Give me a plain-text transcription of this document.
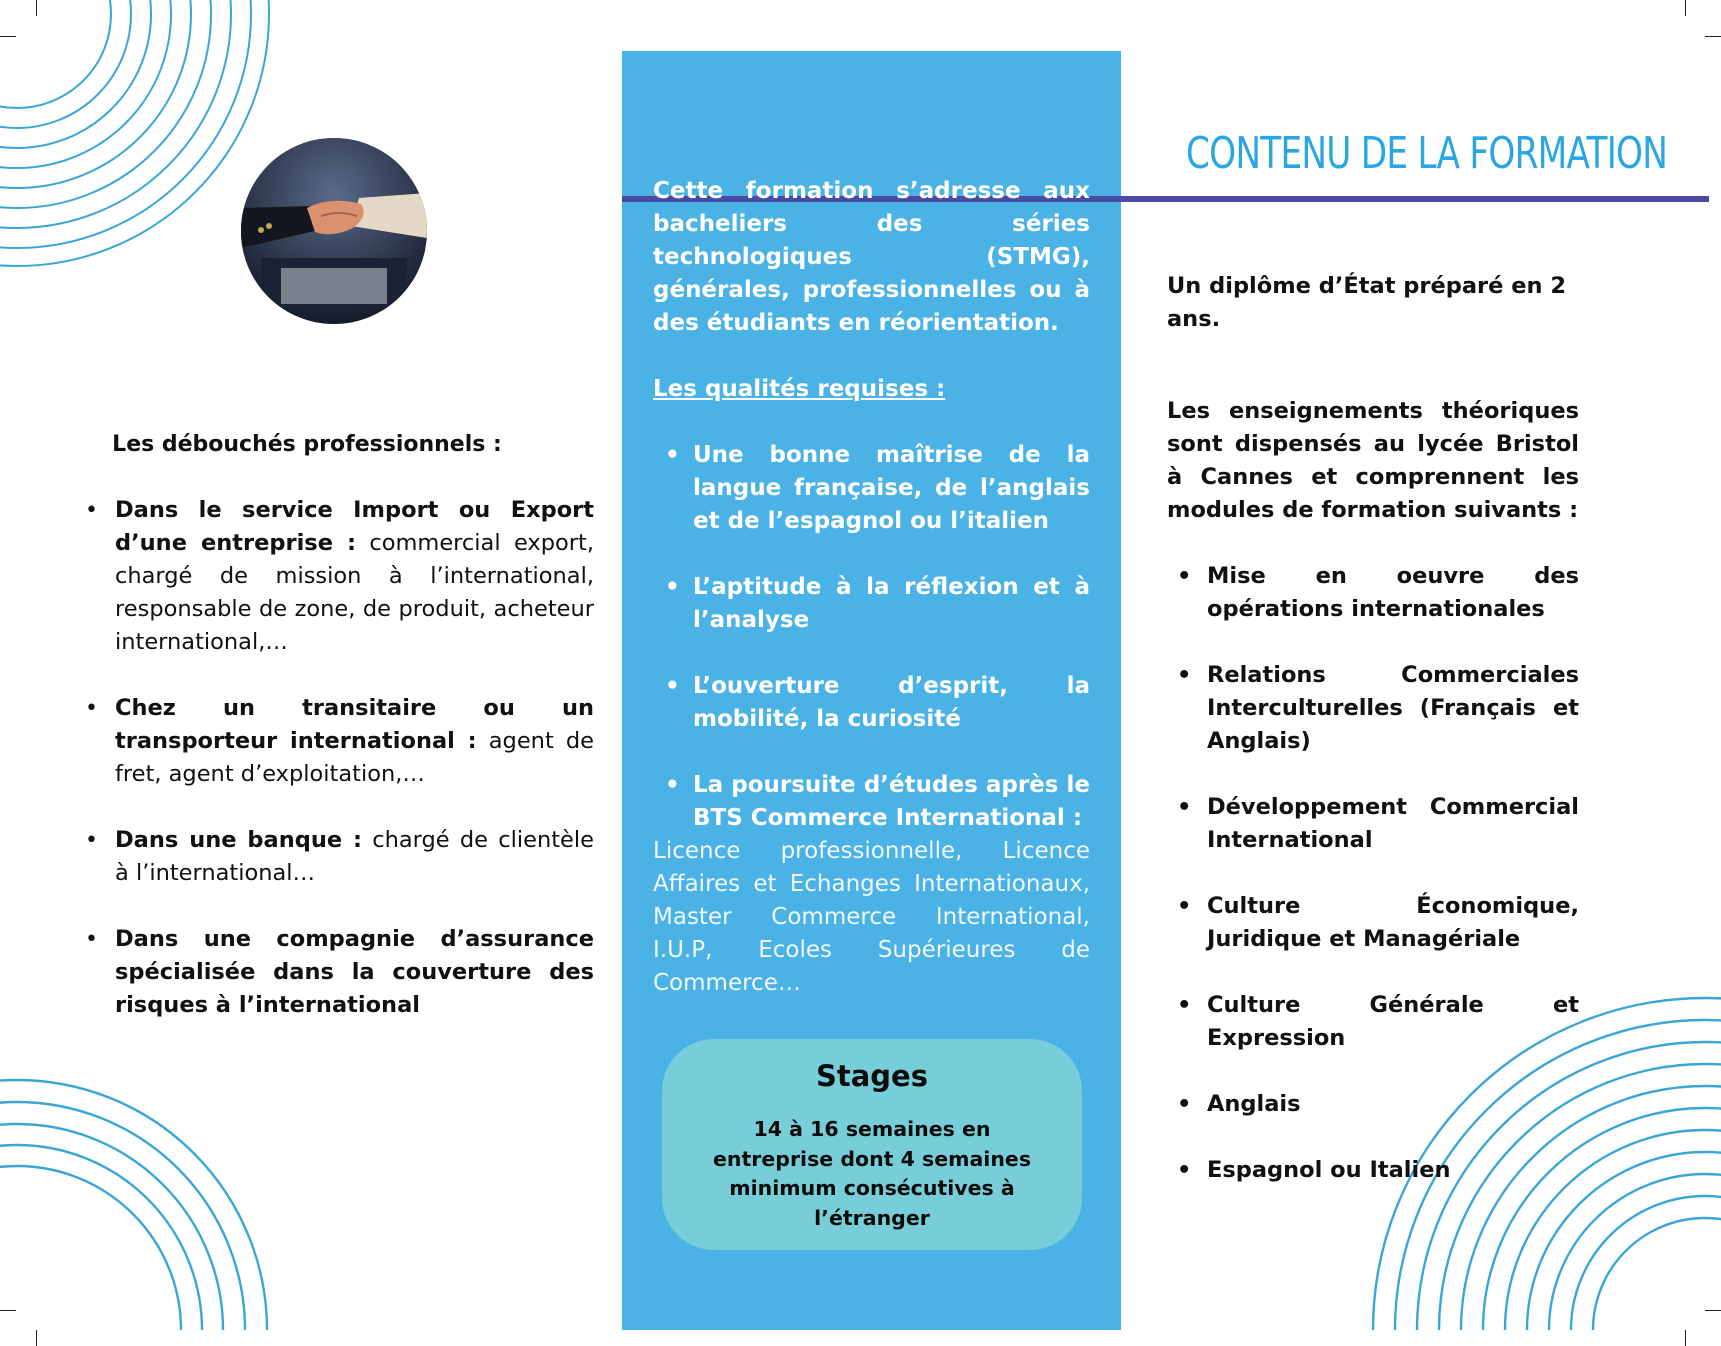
Les débouchés professionnels :
• Dans le service Import ou Export d’une entreprise : commercial export, chargé de mission à l’international, responsable de zone, de produit, acheteur international,…
• Chez un transitaire ou un transporteur international : agent de fret, agent d’exploitation,…
• Dans une banque : chargé de clientèle à l’international…
• Dans une compagnie d’assurance spécialisée dans la couverture des risques à l’international

Cette formation s’adresse aux bacheliers des séries technologiques (STMG), générales, professionnelles ou à des étudiants en réorientation.

Les qualités requises :
• Une bonne maîtrise de la langue française, de l’anglais et de l’espagnol ou l’italien
• L’aptitude à la réflexion et à l’analyse
• L’ouverture d’esprit, la mobilité, la curiosité
• La poursuite d’études après le BTS Commerce International :
Licence professionnelle, Licence Affaires et Echanges Internationaux, Master Commerce International, I.U.P, Ecoles Supérieures de Commerce…
Stages
14 à 16 semaines en entreprise dont 4 semaines minimum consécutives à l’étranger
CONTENU DE LA FORMATION

Un diplôme d’État préparé en 2 ans.

Les enseignements théoriques sont dispensés au lycée Bristol à Cannes et comprennent les modules de formation suivants :

• Mise en oeuvre des opérations internationales
• Relations Commerciales Interculturelles (Français et Anglais)
• Développement Commercial International
• Culture Économique, Juridique et Managériale
• Culture Générale et Expression
• Anglais
• Espagnol ou Italien
